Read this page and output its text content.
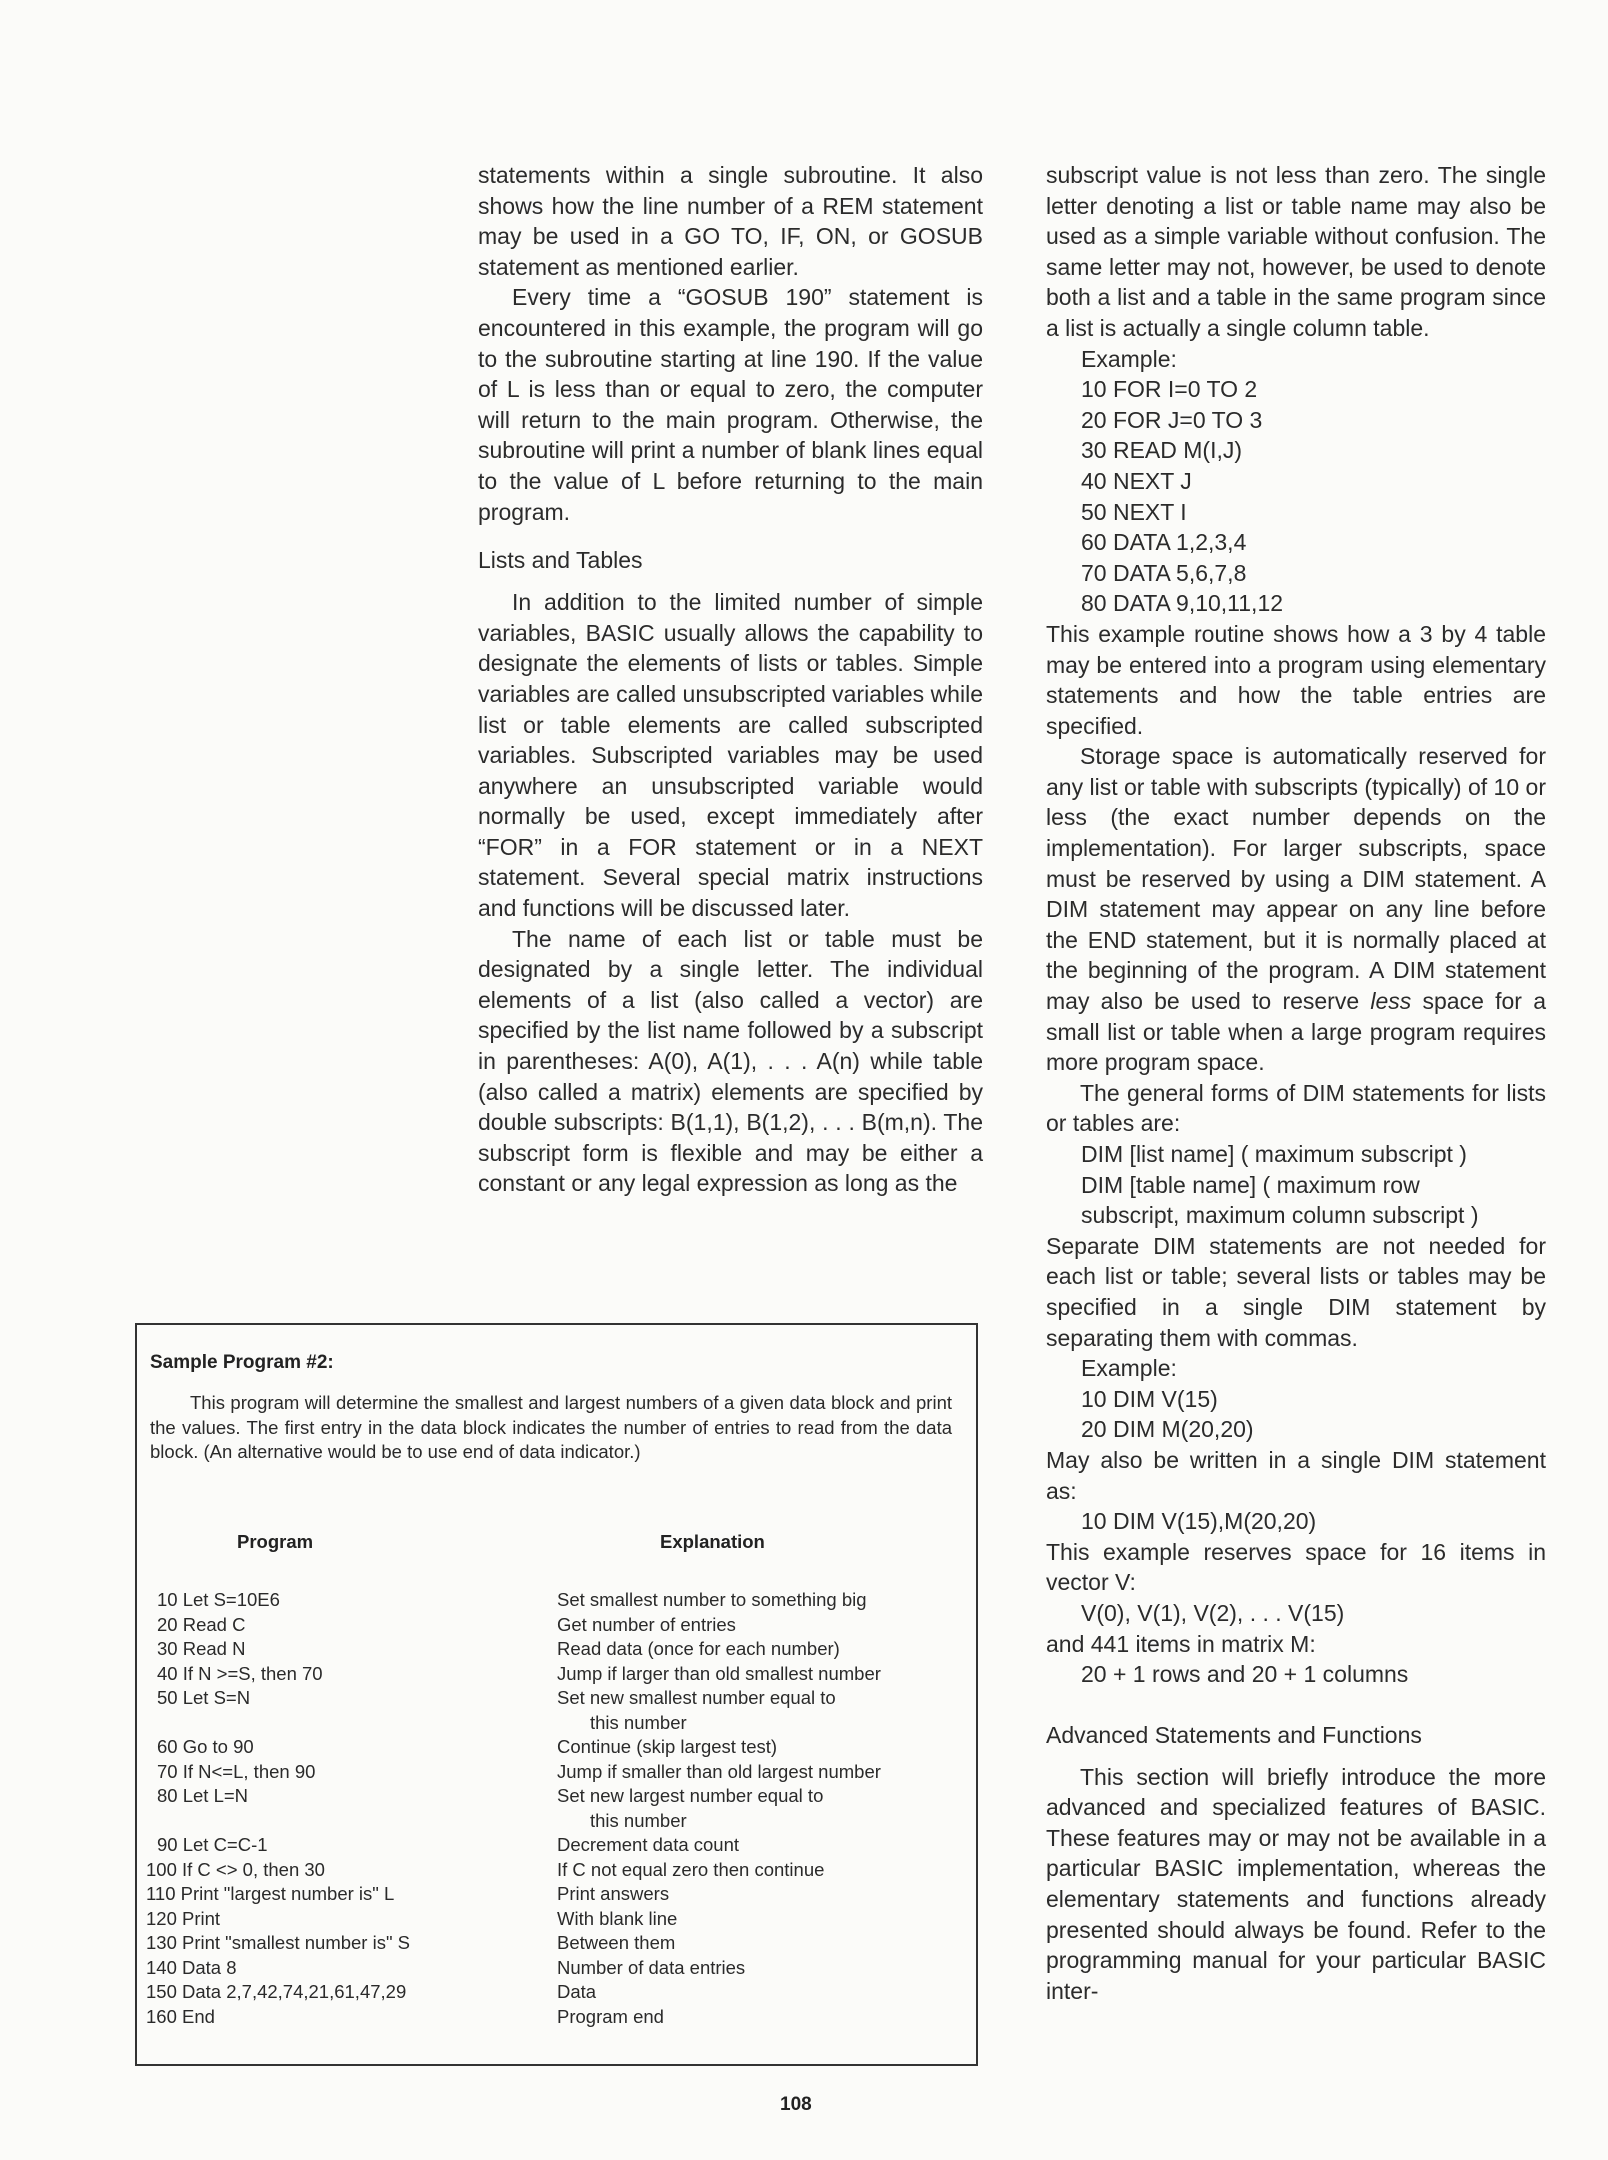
statements within a single subroutine. It also shows how the line number of a REM statement may be used in a GO TO, IF, ON, or GOSUB statement as mentioned earlier.

Every time a “GOSUB 190” statement is encountered in this example, the program will go to the subroutine starting at line 190. If the value of L is less than or equal to zero, the computer will return to the main program. Otherwise, the subroutine will print a number of blank lines equal to the value of L before returning to the main program.

Lists and Tables

In addition to the limited number of simple variables, BASIC usually allows the capability to designate the elements of lists or tables. Simple variables are called unsubscripted variables while list or table elements are called subscripted variables. Subscripted variables may be used anywhere an unsubscripted variable would normally be used, except immediately after “FOR” in a FOR statement or in a NEXT statement. Several special matrix instructions and functions will be discussed later.

The name of each list or table must be designated by a single letter. The individual elements of a list (also called a vector) are specified by the list name followed by a subscript in parentheses: A(0), A(1), . . . A(n) while table (also called a matrix) elements are specified by double subscripts: B(1,1), B(1,2), . . . B(m,n). The subscript form is flexible and may be either a constant or any legal expression as long as the

subscript value is not less than zero. The single letter denoting a list or table name may also be used as a simple variable without confusion. The same letter may not, however, be used to denote both a list and a table in the same program since a list is actually a single column table.

Example:
10 FOR I=0 TO 2
20 FOR J=0 TO 3
30 READ M(I,J)
40 NEXT J
50 NEXT I
60 DATA 1,2,3,4
70 DATA 5,6,7,8
80 DATA 9,10,11,12

This example routine shows how a 3 by 4 table may be entered into a program using elementary statements and how the table entries are specified.

Storage space is automatically reserved for any list or table with subscripts (typically) of 10 or less (the exact number depends on the implementation). For larger subscripts, space must be reserved by using a DIM statement. A DIM statement may appear on any line before the END statement, but it is normally placed at the beginning of the program. A DIM statement may also be used to reserve less space for a small list or table when a large program requires more program space.

The general forms of DIM statements for lists or tables are:

DIM [list name] ( maximum subscript )
DIM [table name] ( maximum row
subscript, maximum column subscript )

Separate DIM statements are not needed for each list or table; several lists or tables may be specified in a single DIM statement by separating them with commas.

Example:
10 DIM V(15)
20 DIM M(20,20)

May also be written in a single DIM statement as:

10 DIM V(15),M(20,20)

This example reserves space for 16 items in vector V:

V(0), V(1), V(2), . . . V(15)

and 441 items in matrix M:

20 + 1 rows and 20 + 1 columns
Advanced Statements and Functions

This section will briefly introduce the more advanced and specialized features of BASIC. These features may or may not be available in a particular BASIC implementation, whereas the elementary statements and functions already presented should always be found. Refer to the programming manual for your particular BASIC inter-

Sample Program #2:
This program will determine the smallest and largest numbers of a given data block and print the values. The first entry in the data block indicates the number of entries to read from the data block. (An alternative would be to use end of data indicator.)
Program	Explanation
10 Let S=10E6	Set smallest number to something big
20 Read C	Get number of entries
30 Read N	Read data (once for each number)
40 If N >=S, then 70	Jump if larger than old smallest number
50 Let S=N	Set new smallest number equal to
this number
60 Go to 90	Continue (skip largest test)
70 If N<=L, then 90	Jump if smaller than old largest number
80 Let L=N	Set new largest number equal to
this number
90 Let C=C-1	Decrement data count
100 If C <> 0, then 30	If C not equal zero then continue
110 Print "largest number is" L	Print answers
120 Print	With blank line
130 Print "smallest number is" S	Between them
140 Data 8	Number of data entries
150 Data 2,7,42,74,21,61,47,29	Data
160 End	Program end
108
